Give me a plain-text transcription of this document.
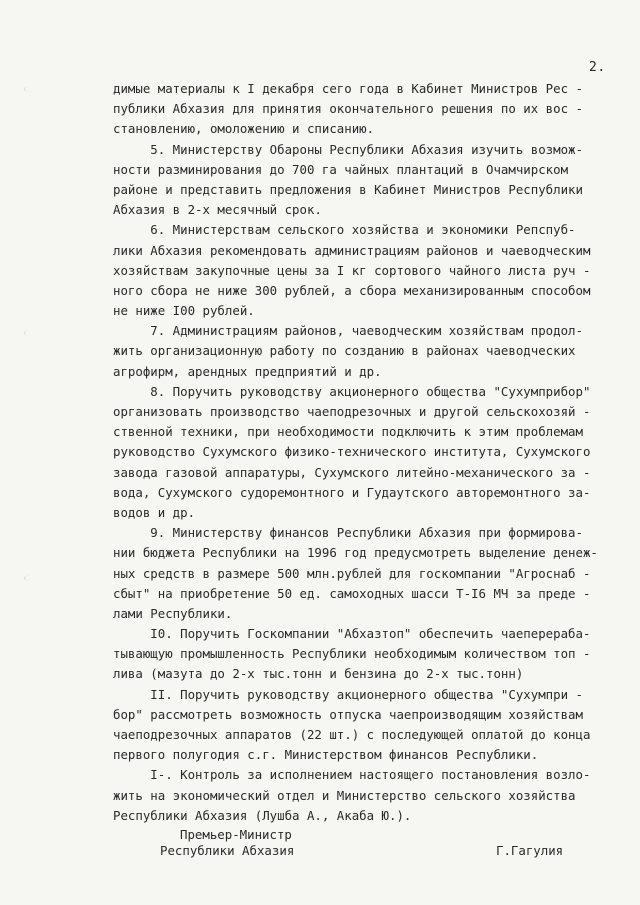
2.
димые материалы к I декабря сего года в Кабинет Министров Рес -
публики Абхазия для принятия окончательного решения по их вос -
становлению, омоложению и списанию.
5. Министерству Обароны Республики Абхазия изучить возмож-
ности разминирования до 700 га чайных плантаций в Очамчирском
районе и представить предложения в Кабинет Министров Республики
Абхазия в 2-х месячный срок.
6. Министерствам сельского хозяйства и экономики Репспуб-
лики Абхазия рекомендовать администрациям районов и чаеводческим
хозяйствам закупочные цены за I кг сортового чайного листа руч -
ного сбора не ниже 300 рублей, а сбора механизированным способом
не ниже I00 рублей.
7. Администрациям районов, чаеводческим хозяйствам продол-
жить организационную работу по созданию в районах чаеводческих
агрофирм, арендных предприятий и др.
8. Поручить руководству акционерного общества "Сухумприбор"
организовать производство чаеподрезочных и другой сельскохозяй -
ственной техники, при необходимости подключить к этим проблемам
руководство Сухумского физико-технического института, Сухумского
завода газовой аппаратуры, Сухумского литейно-механического за -
вода, Сухумского судоремонтного и Гудаутского авторемонтного за-
водов и др.
9. Министерству финансов Республики Абхазия при формирова-
нии бюджета Республики на 1996 год предусмотреть выделение денеж-
ных средств в размере 500 млн.рублей для госкомпании "Агроснаб -
сбыт" на приобретение 50 ед. самоходных шасси Т-I6 МЧ за преде -
лами Республики.
I0. Поручить Госкомпании "Абхазтоп" обеспечить чаеперераба-
тывающую промышленность Республики необходимым количеством топ -
лива (мазута до 2-х тыс.тонн и бензина до 2-х тыс.тонн)
II. Поручить руководству акционерного общества "Сухумпри -
бор" рассмотреть возможность отпуска чаепроизводящим хозяйствам
чаеподрезочных аппаратов (22 шт.) с последующей оплатой до конца
первого полугодия с.г. Министерством финансов Республики.
I-. Контроль за исполнением настоящего постановления возло-
жить на экономический отдел и Министерство сельского хозяйства
Республики Абхазия (Лушба А., Акаба Ю.).
Премьер-Министр
Республики Абхазия	Г.Гагулия
